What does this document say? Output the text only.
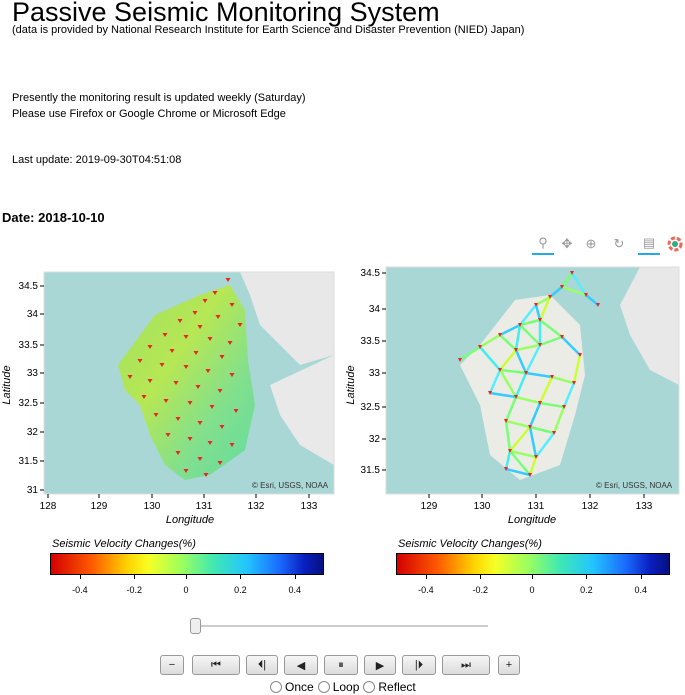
Passive Seismic Monitoring System
(data is provided by National Research Institute for Earth Science and Disaster Prevention (NIED) Japan)
Presently the monitoring result is updated weekly (Saturday)
Please use Firefox or Google Chrome or Microsoft Edge
Last update: 2019-09-30T04:51:08
Date: 2018-10-10
⚲	✥	⊕	↻	▤
© Esri, USGS, NOAA
128	129	130	131	132	133
34.5
34
33.5
33
32.5
32
31.5
31
Longitude
Latitude
© Esri, USGS, NOAA
129	130	131	132	133
34.5
34
33.5
33
32.5
32
31.5
Longitude
Latitude
Seismic Velocity Changes(%)
-0.4	-0.2	0	0.2	0.4
Seismic Velocity Changes(%)
-0.4	-0.2	0	0.2	0.4
−	⏮	⏴|	◀	⏸	▶	|⏵	⏭	+
Once Loop Reflect
